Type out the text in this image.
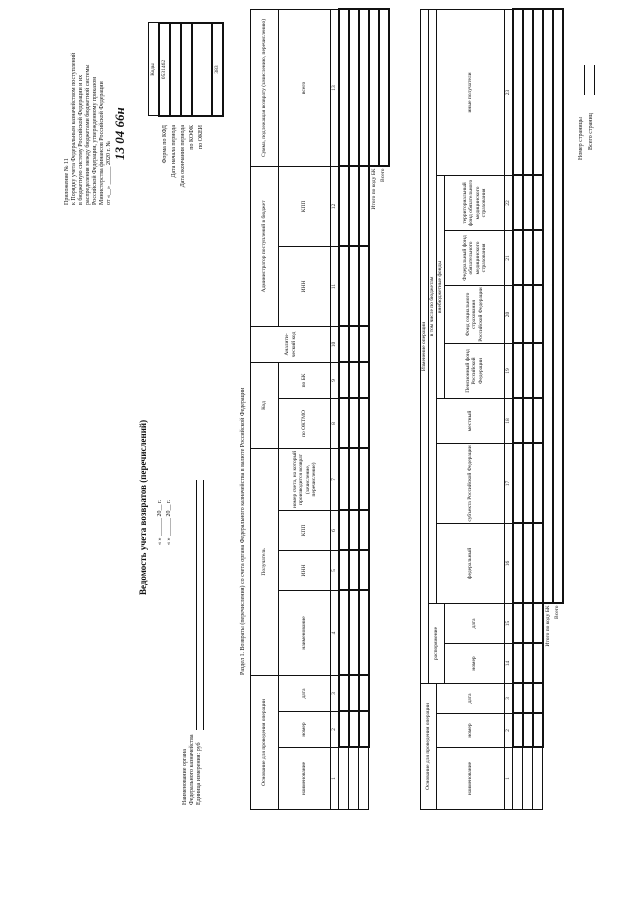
Приложение № 11 к Порядку учета Федеральным казначейством поступлений в бюджетную систему Российской Федерации и их распределения между бюджетами бюджетной системы Российской Федерации, утвержденному приказом Министерства финансов Российской Федерации от «__» ______ 2020 г. №
13 04 66н
Ведомость учета возвратов (перечислений) « » ______ 20__ г. « » ______ 20__ г.
Форма по КФД Дата начала периода Дата окончания периода по КОФК по ОКЕИ
Коды
0531462

383
Наименование органа Федерального казначейства Единица измерения: руб
Раздел 1. Возвраты (перечисления) со счета органа Федерального казначейства в валюте Российской Федерации
Основание для проведения операции			Получатель				Код		Аналити-ческий код	Администратор поступлений в бюджет		Сумма, подлежащая возврату (зачислению, перечислению)
наименование	номер	дата	наименование	ИНН	КПП	номер счета, на который производится возврат (зачисление, перечисление)	по ОКТМО	по БК		ИНН	КПП	всего
1	2	3	4	5	6	7	8	9	10	11	12	13

Итого по коду БК												
Всего												
Основание для проведения операции			Изменение операции									
			распоряжение		в том числе по бюджетам							
наименование	номер	дата			федеральный	субъекта Российской Федерации	местный	внебюджетные фонды				иные получатели
			номер	дата				Пенсионный фонд Российской Федерации	Фонд социального страхования Российской Федерации	Федеральный фонд обязательного медицинского страхования	территориальный фонд обязательного медицинского страхования	
1	2	3	14	15	16	17	18	19	20	21	22	23

Итого по коду БК												
Всего												
Номер страницы Всего страниц
